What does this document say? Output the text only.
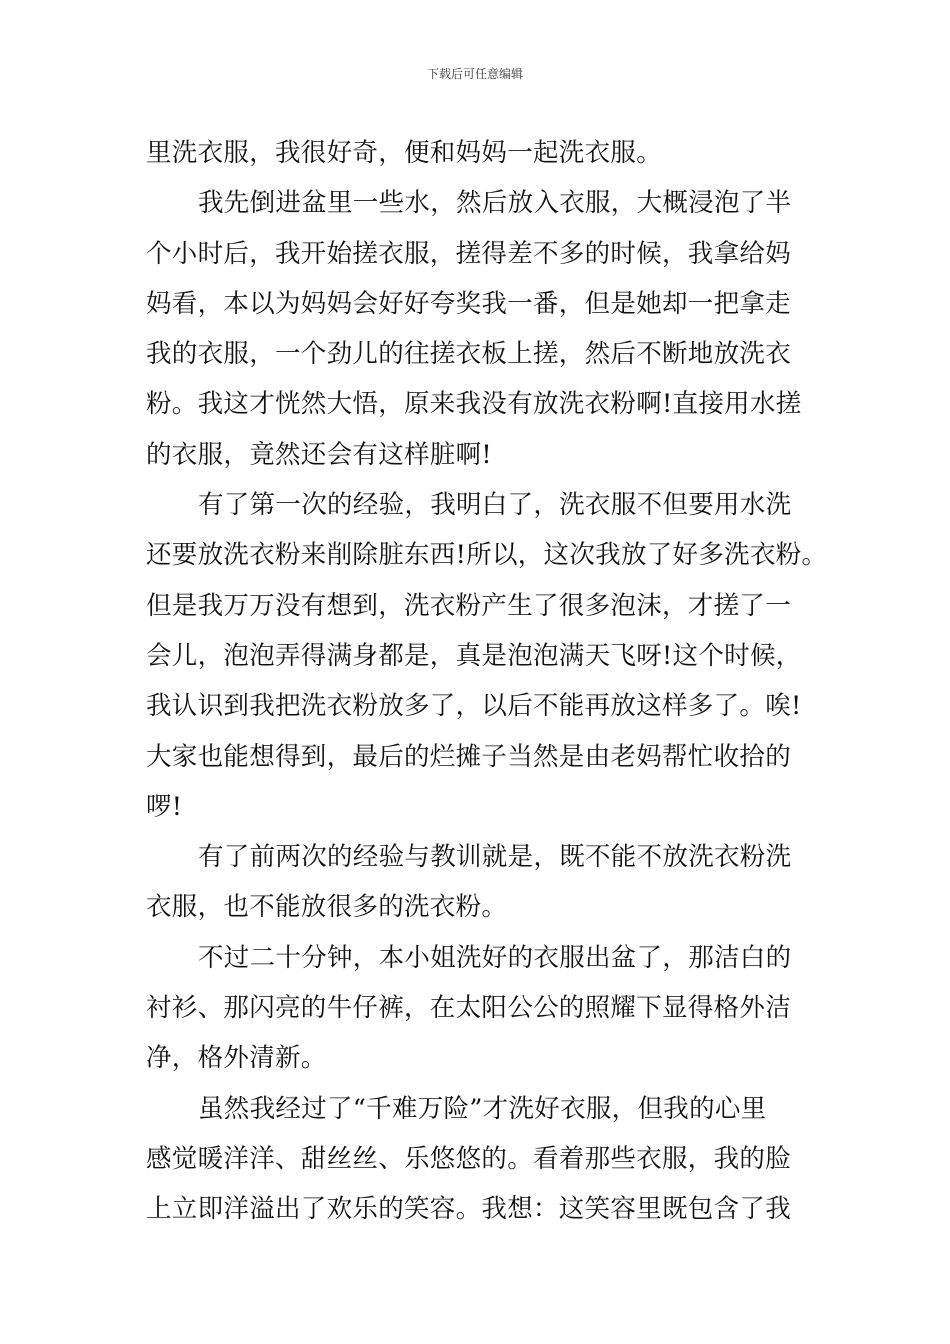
下载后可任意编辑
里洗衣服，我很好奇，便和妈妈一起洗衣服。
我先倒进盆里一些水，然后放入衣服，大概浸泡了半
个小时后，我开始搓衣服，搓得差不多的时候，我拿给妈
妈看，本以为妈妈会好好夸奖我一番，但是她却一把拿走
我的衣服，一个劲儿的往搓衣板上搓，然后不断地放洗衣
粉。我这才恍然大悟，原来我没有放洗衣粉啊!直接用水搓
的衣服，竟然还会有这样脏啊!
有了第一次的经验，我明白了，洗衣服不但要用水洗
还要放洗衣粉来削除脏东西!所以，这次我放了好多洗衣粉。
但是我万万没有想到，洗衣粉产生了很多泡沫，才搓了一
会儿，泡泡弄得满身都是，真是泡泡满天飞呀!这个时候，
我认识到我把洗衣粉放多了，以后不能再放这样多了。唉!
大家也能想得到，最后的烂摊子当然是由老妈帮忙收拾的
啰!
有了前两次的经验与教训就是，既不能不放洗衣粉洗
衣服，也不能放很多的洗衣粉。
不过二十分钟，本小姐洗好的衣服出盆了，那洁白的
衬衫、那闪亮的牛仔裤，在太阳公公的照耀下显得格外洁
净，格外清新。
虽然我经过了“千难万险”才洗好衣服，但我的心里
感觉暖洋洋、甜丝丝、乐悠悠的。看着那些衣服，我的脸
上立即洋溢出了欢乐的笑容。我想：这笑容里既包含了我
